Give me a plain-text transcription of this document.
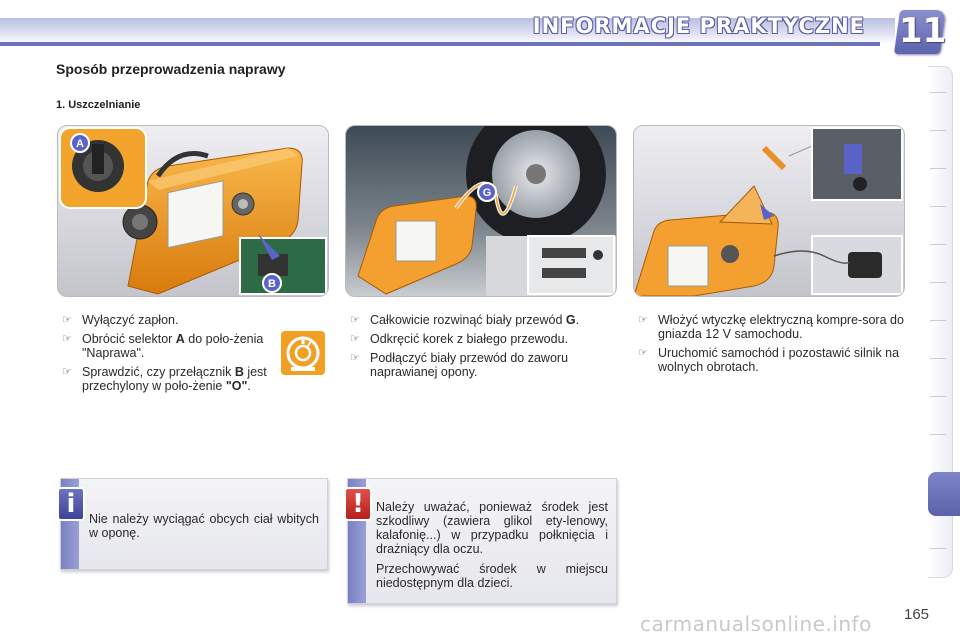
INFORMACJE PRAKTYCZNE 11
Sposób przeprowadzenia naprawy
1. Uszczelnianie
A
B
G
☞ Wyłączyć zapłon.
☞ Obrócić selektor A do poło-żenia "Naprawa".
☞ Sprawdzić, czy przełącznik B jest przechylony w poło-żenie "O".
☞ Całkowicie rozwinąć biały przewód G.
☞ Odkręcić korek z białego przewodu.
☞ Podłączyć biały przewód do zaworu naprawianej opony.
☞ Włożyć wtyczkę elektryczną kompre-sora do gniazda 12 V samochodu.
☞ Uruchomić samochód i pozostawić silnik na wolnych obrotach.
i	Nie należy wyciągać obcych ciał wbitych w oponę.

! Należy uważać, ponieważ środek jest szkodliwy (zawiera glikol ety-lenowy, kalafonię...) w przypadku połknięcia i drażniący dla oczu.

Przechowywać środek w miejscu niedostępnym dla dzieci.

carmanualsonline.info 165
